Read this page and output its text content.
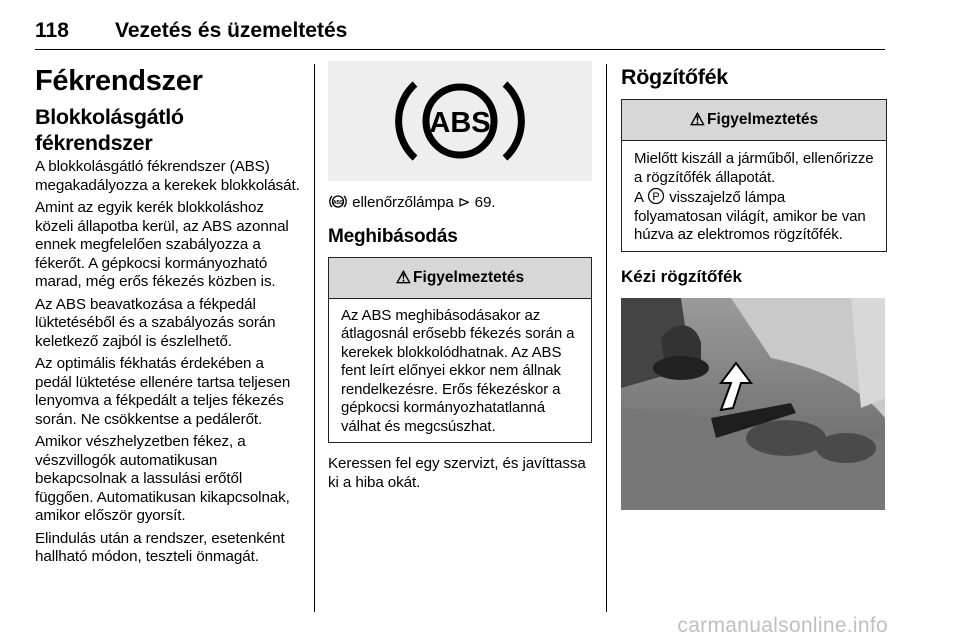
118 Vezetés és üzemeltetés
Fékrendszer
Blokkolásgátló fékrendszer

A blokkolásgátló fékrendszer (ABS) megakadályozza a kerekek blokkolását.

Amint az egyik kerék blokkoláshoz közeli állapotba kerül, az ABS azonnal ennek megfelelően szabályozza a fékerőt. A gépkocsi kormányozható marad, még erős fékezés közben is.

Az ABS beavatkozása a fékpedál lüktetéséből és a szabályozás során keletkező zajból is észlelhető.

Az optimális fékhatás érdekében a pedál lüktetése ellenére tartsa teljesen lenyomva a fékpedált a teljes fékezés során. Ne csökkentse a pedálerőt.

Amikor vészhelyzetben fékez, a vészvillogók automatikusan bekapcsolnak a lassulási erőtől függően. Automatikusan kikapcsolnak, amikor először gyorsít.

Elindulás után a rendszer, esetenként hallható módon, teszteli önmagát.

ABS

ABS ellenőrzőlámpa ⊳ 69.

Meghibásodás
⚠ Figyelmeztetés

Az ABS meghibásodásakor az átlagosnál erősebb fékezés során a kerekek blokkolódhatnak. Az ABS fent leírt előnyei ekkor nem állnak rendelkezésre. Erős fékezéskor a gépkocsi kormányozhatatlanná válhat és megcsúszhat.

Keressen fel egy szervizt, és javíttassa ki a hiba okát.

Rögzítőfék
⚠ Figyelmeztetés

Mielőtt kiszáll a járműből, ellenőrizze a rögzítőfék állapotát.

A P visszajelző lámpa folyamatosan világít, amikor be van húzva az elektromos rögzítőfék.

Kézi rögzítőfék
carmanualsonline.info
